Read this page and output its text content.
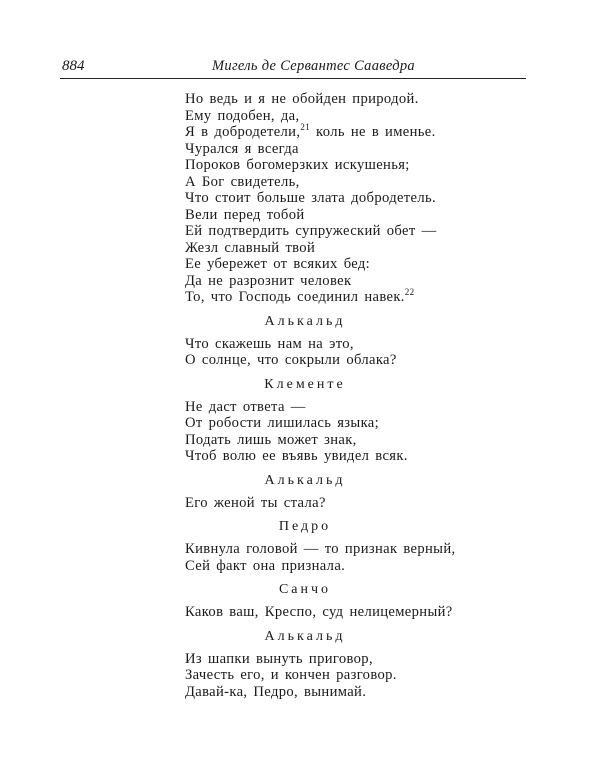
884	Мигель де Сервантес Сааведра
Но ведь и я не обойден природой.
Ему подобен, да,
Я в добродетели,$^{21}$ коль не в именье.
Чурался я всегда
Пороков богомерзких искушенья;
А Бог свидетель,
Что стоит больше злата добродетель.
Вели перед тобой
Ей подтвердить супружеский обет —
Жезл славный твой
Ее убережет от всяких бед:
Да не разрознит человек
То, что Господь соединил навек.$^{22}$
Алькальд
Что скажешь нам на это,
О солнце, что сокрыли облака?
Клементе
Не даст ответа —
От робости лишилась языка;
Подать лишь может знак,
Чтоб волю ее въявь увидел всяк.
Алькальд
Его женой ты стала?
Педро
Кивнула головой — то признак верный,
Сей факт она признала.
Санчо
Каков ваш, Креспо, суд нелицемерный?
Алькальд
Из шапки вынуть приговор,
Зачесть его, и кончен разговор.
Давай-ка, Педро, вынимай.
